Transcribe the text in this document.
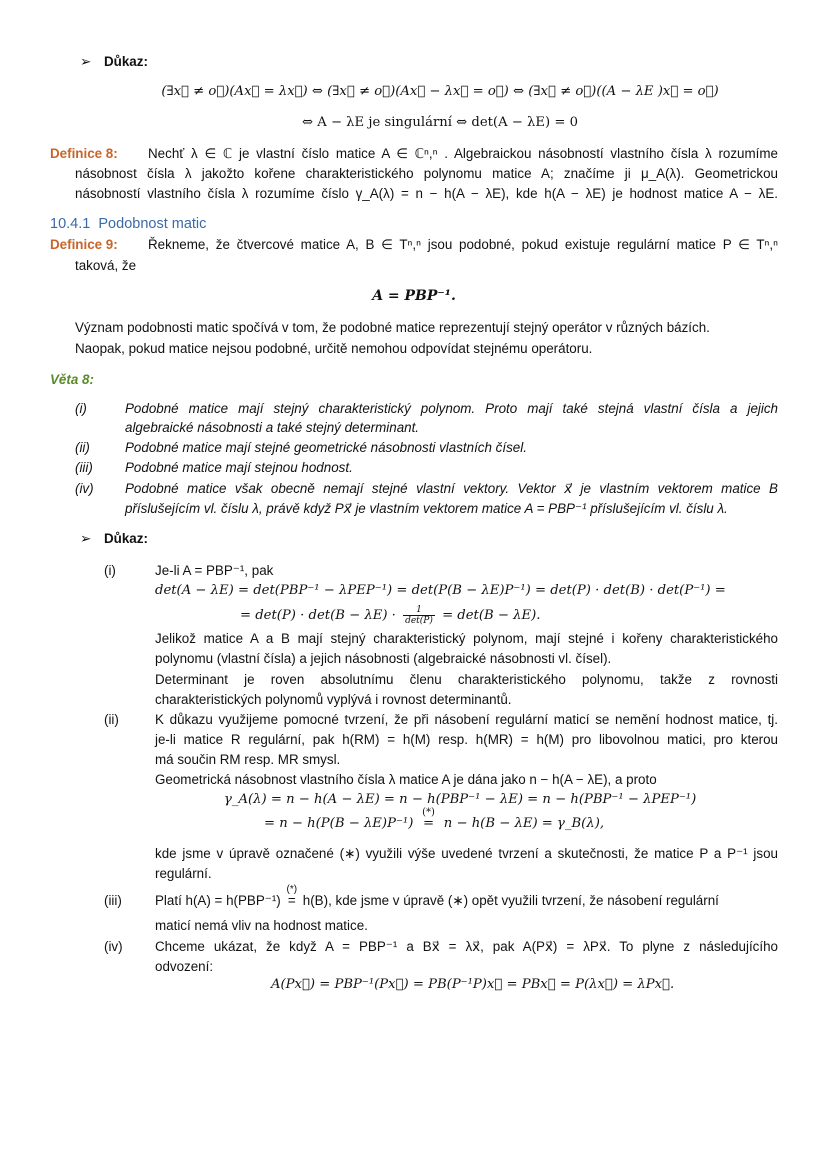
➢ Důkaz:
(∃x⃗ ≠ o⃗)(Ax⃗ = λx⃗) ⇔ (∃x⃗ ≠ o⃗)(Ax⃗ − λx⃗ = o⃗) ⇔ (∃x⃗ ≠ o⃗)((A − λE )x⃗ = o⃗)
⇔ A − λE je singulární ⇔ det(A − λE) = 0
Definice 8: Nechť λ ∈ ℂ je vlastní číslo matice A ∈ ℂⁿ,ⁿ . Algebraickou násobností vlastního čísla λ rozumíme
násobnost čísla λ jakožto kořene charakteristického polynomu matice A; značíme ji μ_A(λ). Geometrickou
násobností vlastního čísla λ rozumíme číslo γ_A(λ) = n − h(A − λE), kde h(A − λE) je hodnost matice A − λE.
10.4.1 Podobnost matic
Definice 9: Řekneme, že čtvercové matice A, B ∈ Tⁿ,ⁿ jsou podobné, pokud existuje regulární matice P ∈ Tⁿ,ⁿ
taková, že
A = PBP⁻¹.
Význam podobnosti matic spočívá v tom, že podobné matice reprezentují stejný operátor v různých bázích.
Naopak, pokud matice nejsou podobné, určitě nemohou odpovídat stejnému operátoru.
Věta 8:
(i)	Podobné matice mají stejný charakteristický polynom. Proto mají také stejná vlastní čísla a jejich
algebraické násobnosti a také stejný determinant.
(ii)	Podobné matice mají stejné geometrické násobnosti vlastních čísel.
(iii) Podobné matice mají stejnou hodnost.
(iv) Podobné matice však obecně nemají stejné vlastní vektory. Vektor x⃗ je vlastním vektorem matice B
příslušejícím vl. číslu λ, právě když Px⃗ je vlastním vektorem matice A = PBP⁻¹ příslušejícím vl. číslu λ.
➢ Důkaz:
(i)	Je-li A = PBP⁻¹, pak
det(A − λE) = det(PBP⁻¹ − λPEP⁻¹) = det(P(B − λE)P⁻¹) = det(P) · det(B) · det(P⁻¹) =
= det(P) · det(B − λE) ·	1
det(P) = det(B − λE).
Jelikož matice A a B mají stejný charakteristický polynom, mají stejné i kořeny charakteristického
polynomu (vlastní čísla) a jejich násobnosti (algebraické násobnosti vl. čísel).
Determinant je roven absolutnímu členu charakteristického polynomu, takže z rovnosti
charakteristických polynomů vyplývá i rovnost determinantů.
(ii)	K důkazu využijeme pomocné tvrzení, že při násobení regulární maticí se nemění hodnost matice, tj.
je-li matice R regulární, pak h(RM) = h(M) resp. h(MR) = h(M) pro libovolnou matici, pro kterou
má součin RM resp. MR smysl.
Geometrická násobnost vlastního čísla λ matice A je dána jako n − h(A − λE), a proto
γ_A(λ) = n − h(A − λE) = n − h(PBP⁻¹ − λE) = n − h(PBP⁻¹ − λPEP⁻¹)
= n − h(P(B − λE)P⁻¹)
(*)
= n − h(B − λE) = γ_B(λ),
kde jsme v úpravě označené (∗) využili výše uvedené tvrzení a skutečnosti, že matice P a P⁻¹ jsou
regulární.
(iii) Platí h(A) = h(PBP⁻¹)
(*)
= h(B), kde jsme v úpravě (∗) opět využili tvrzení, že násobení regulární
maticí nemá vliv na hodnost matice.
(iv) Chceme ukázat, že když A = PBP⁻¹ a Bx⃗ = λx⃗, pak A(Px⃗) = λPx⃗. To plyne z následujícího
odvození:
A(Px⃗) = PBP⁻¹(Px⃗) = PB(P⁻¹P)x⃗ = PBx⃗ = P(λx⃗) = λPx⃗.
